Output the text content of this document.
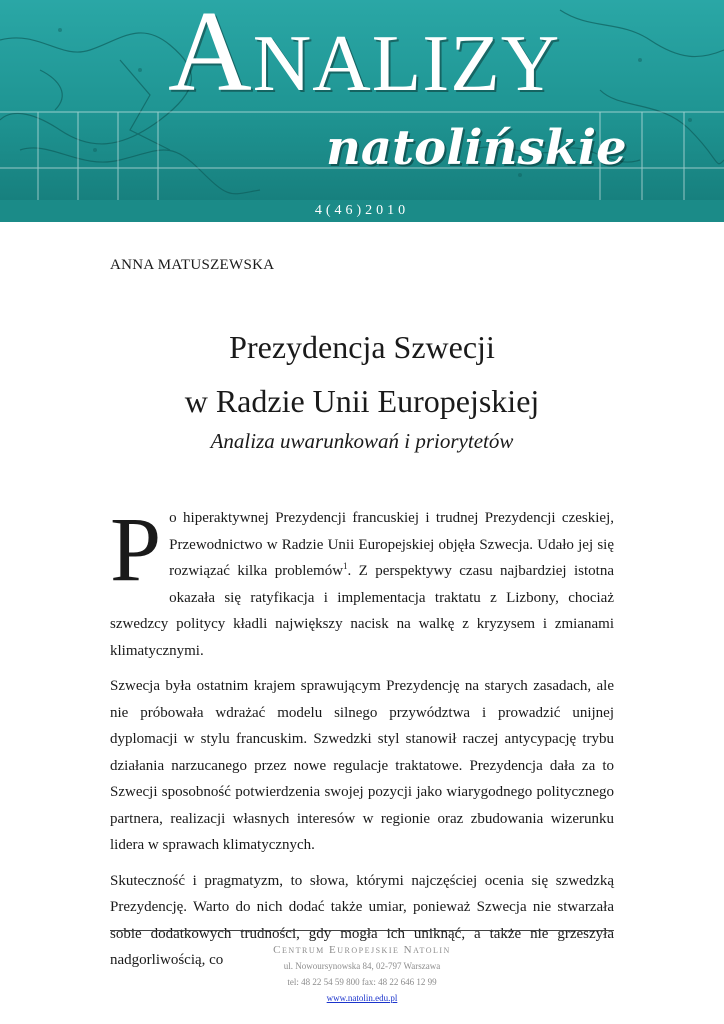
Analizy
natolińskie
4(46)2010
ANNA MATUSZEWSKA
Prezydencja Szwecji
w Radzie Unii Europejskiej
Analiza uwarunkowań i priorytetów

Po hiperaktywnej Prezydencji francuskiej i trudnej Prezydencji czeskiej, Przewodnictwo w Radzie Unii Europejskiej objęła Szwecja. Udało jej się rozwiązać kilka problemów$^1$. Z perspektywy czasu najbardziej istotna okazała się ratyfikacja i implementacja traktatu z Lizbony, chociaż szwedzcy politycy kładli największy nacisk na walkę z kryzysem i zmianami klimatycznymi.

Szwecja była ostatnim krajem sprawującym Prezydencję na starych zasadach, ale nie próbowała wdrażać modelu silnego przywództwa i prowadzić unijnej dyplomacji w stylu francuskim. Szwedzki styl stanowił raczej antycypację trybu działania narzucanego przez nowe regulacje traktatowe. Prezydencja dała za to Szwecji sposobność potwierdzenia swojej pozycji jako wiarygodnego politycznego partnera, realizacji własnych interesów w regionie oraz zbudowania wizerunku lidera w sprawach klimatycznych.

Skuteczność i pragmatyzm, to słowa, którymi najczęściej ocenia się szwedzką Prezydencję. Warto do nich dodać także umiar, ponieważ Szwecja nie stwarzała sobie dodatkowych trudności, gdy mogła ich uniknąć, a także nie grzeszyła nadgorliwością, co

Centrum Europejskie Natolin
ul. Nowoursynowska 84, 02-797 Warszawa
tel: 48 22 54 59 800 fax: 48 22 646 12 99
www.natolin.edu.pl
